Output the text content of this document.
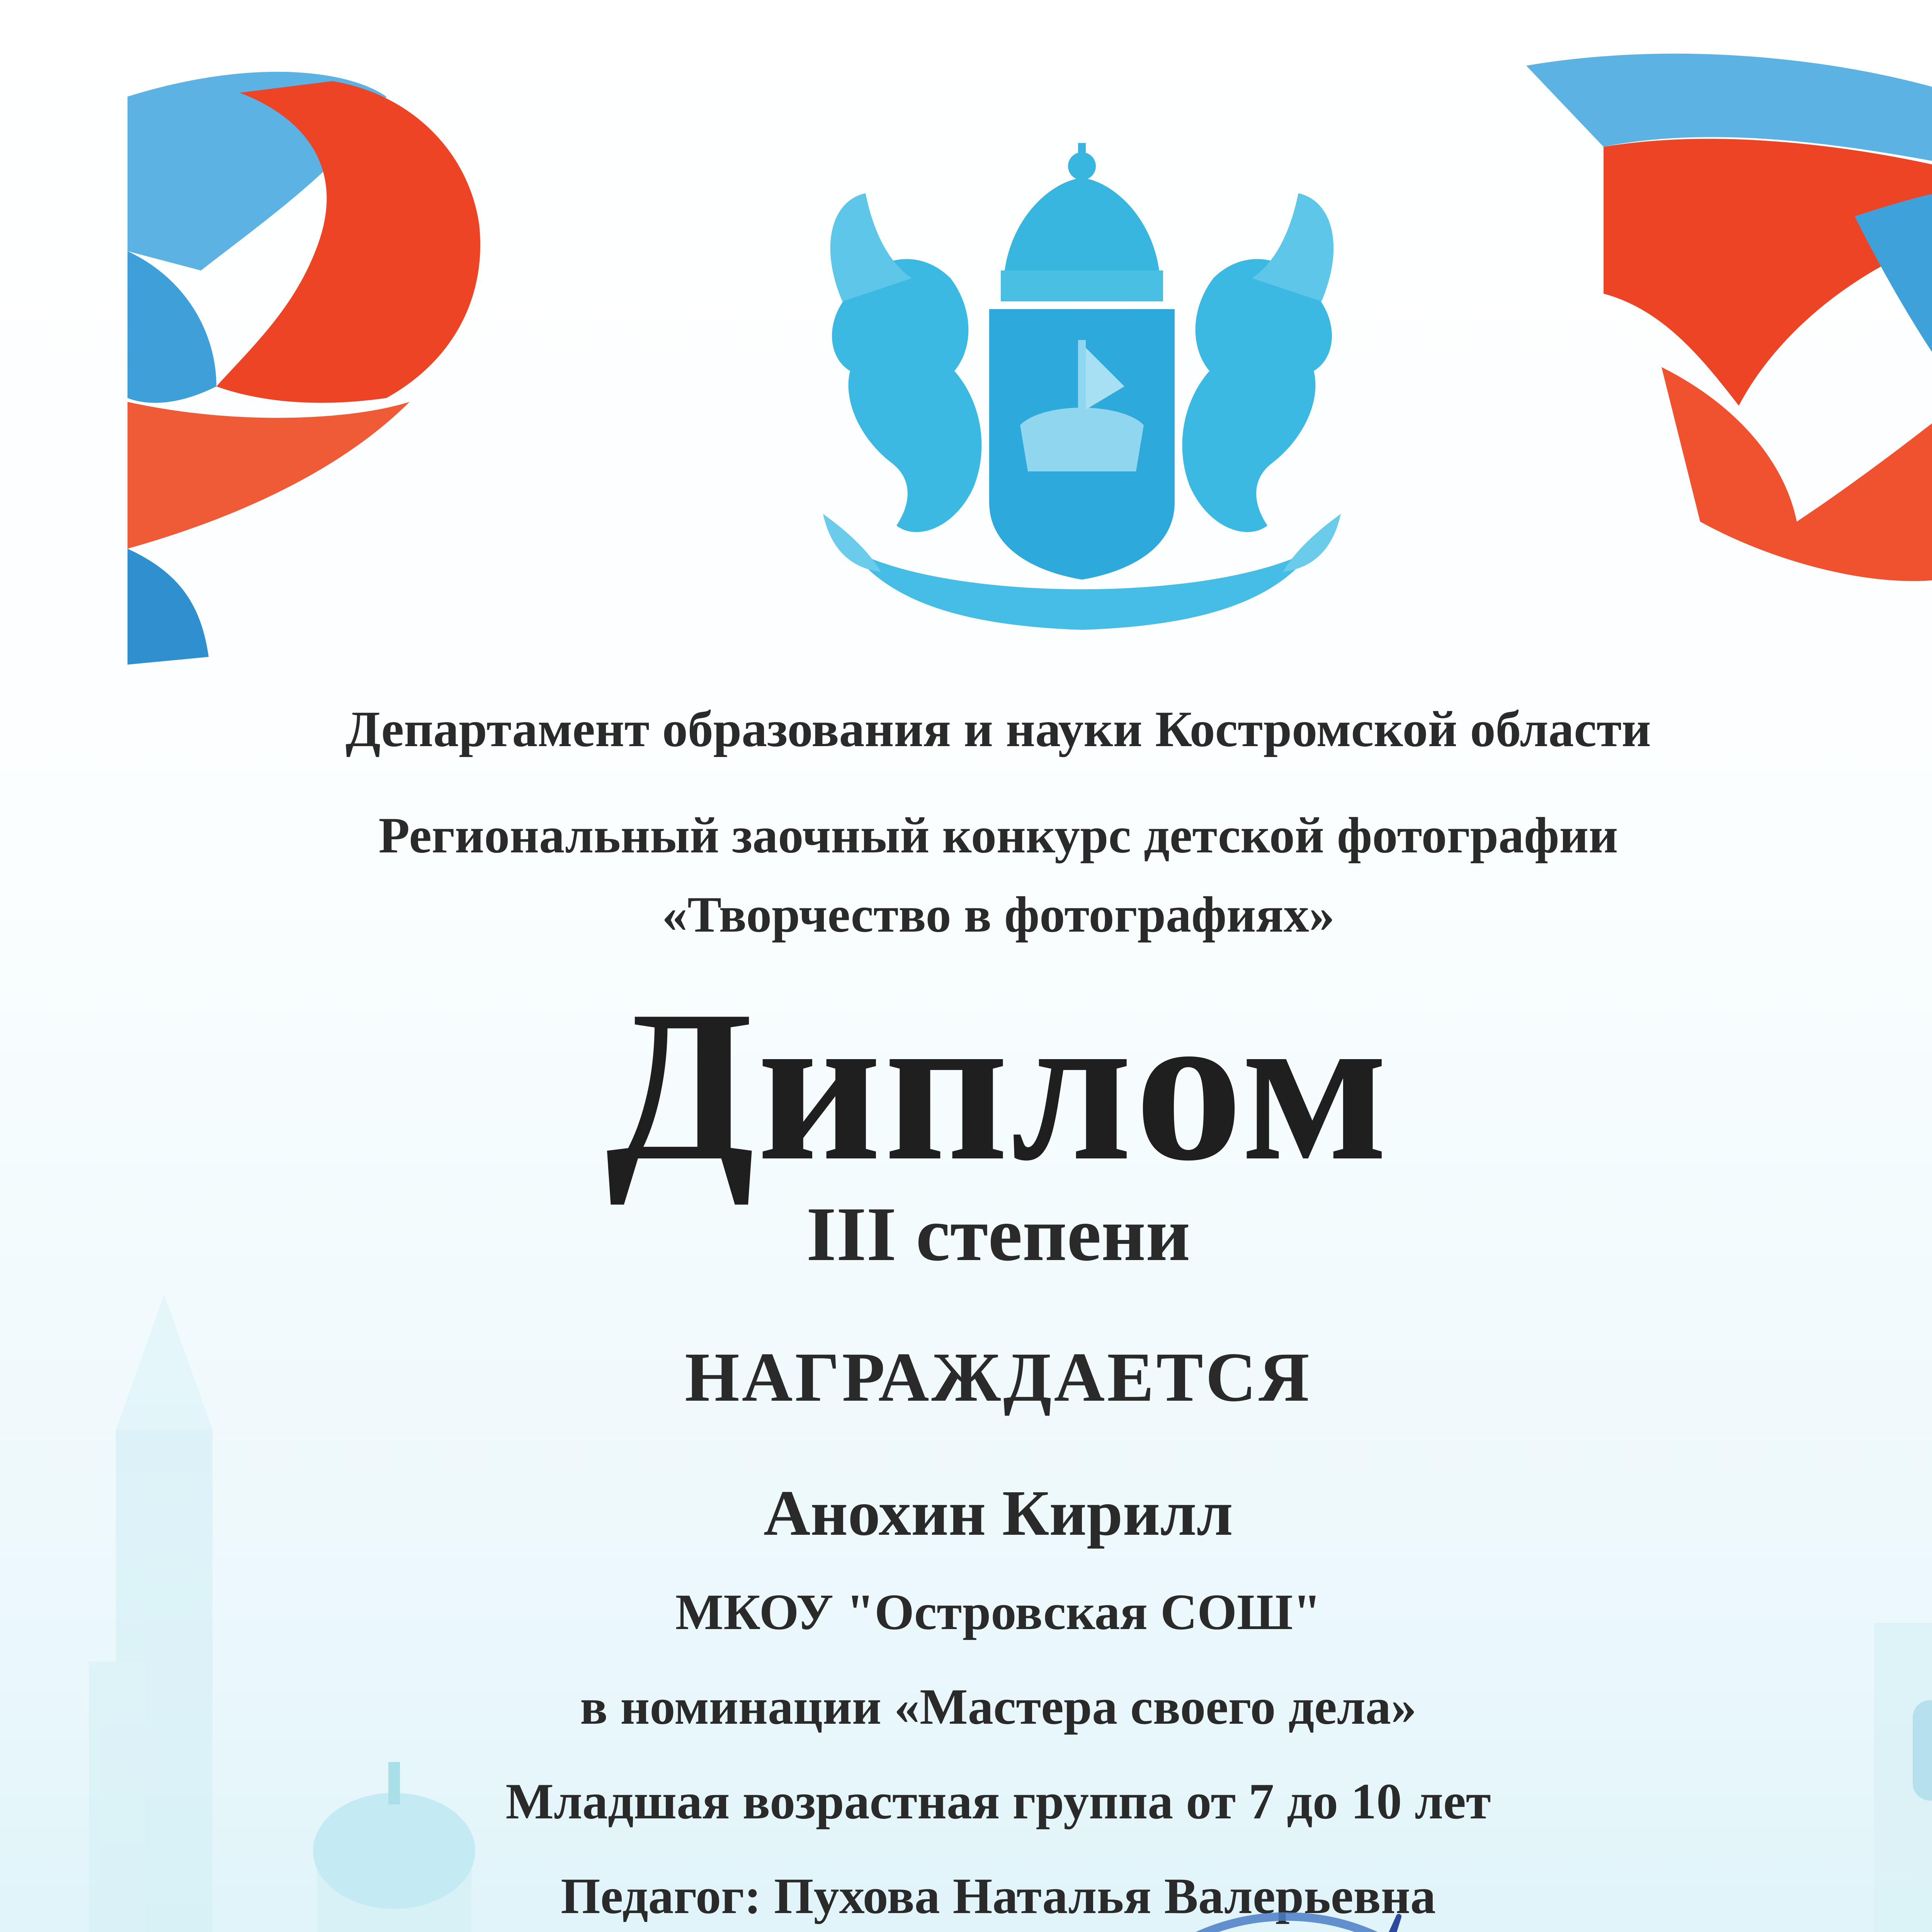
Департамент образования и науки Костромской области
Региональный заочный конкурс детской фотографии
«Творчество в фотографиях»
Диплом
III степени
НАГРАЖДАЕТСЯ
Анохин Кирилл
МКОУ "Островская СОШ"
в номинации «Мастера своего дела»
Младшая возрастная группа от 7 до 10 лет
Педагог: Пухова Наталья Валерьевна
